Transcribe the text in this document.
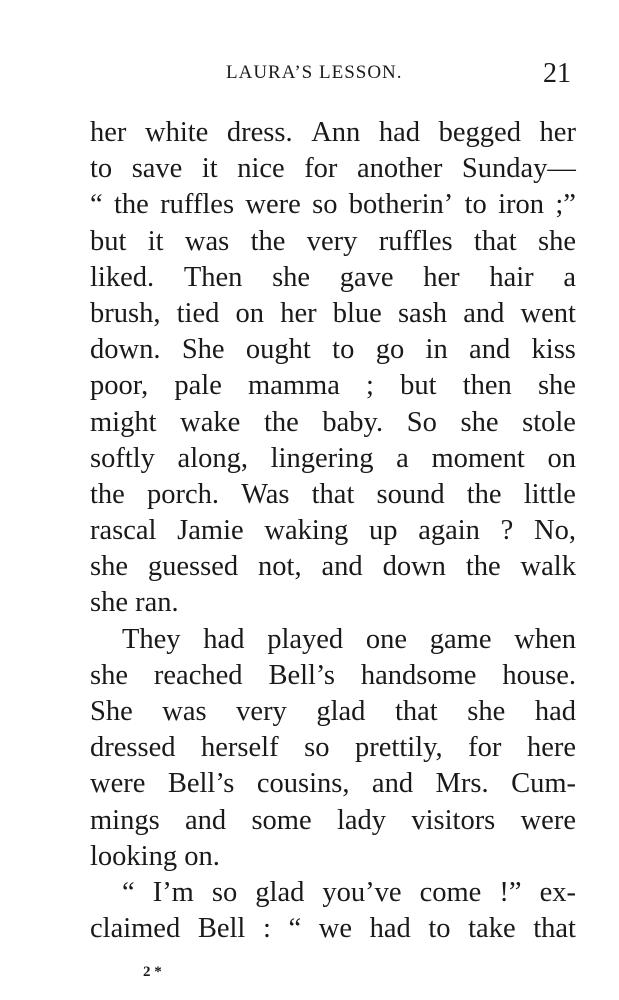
LAURA’S LESSON.	21
her white dress. Ann had begged her
to save it nice for another Sunday—
“ the ruffles were so botherin’ to iron ;”
but it was the very ruffles that she
liked. Then she gave her hair a
brush, tied on her blue sash and went
down. She ought to go in and kiss
poor, pale mamma ; but then she
might wake the baby. So she stole
softly along, lingering a moment on
the porch. Was that sound the little
rascal Jamie waking up again ? No,
she guessed not, and down the walk
she ran.
They had played one game when
she reached Bell’s handsome house.
She was very glad that she had
dressed herself so prettily, for here
were Bell’s cousins, and Mrs. Cum-
mings and some lady visitors were
looking on.
“ I’m so glad you’ve come !” ex-
claimed Bell : “ we had to take that
2 *
